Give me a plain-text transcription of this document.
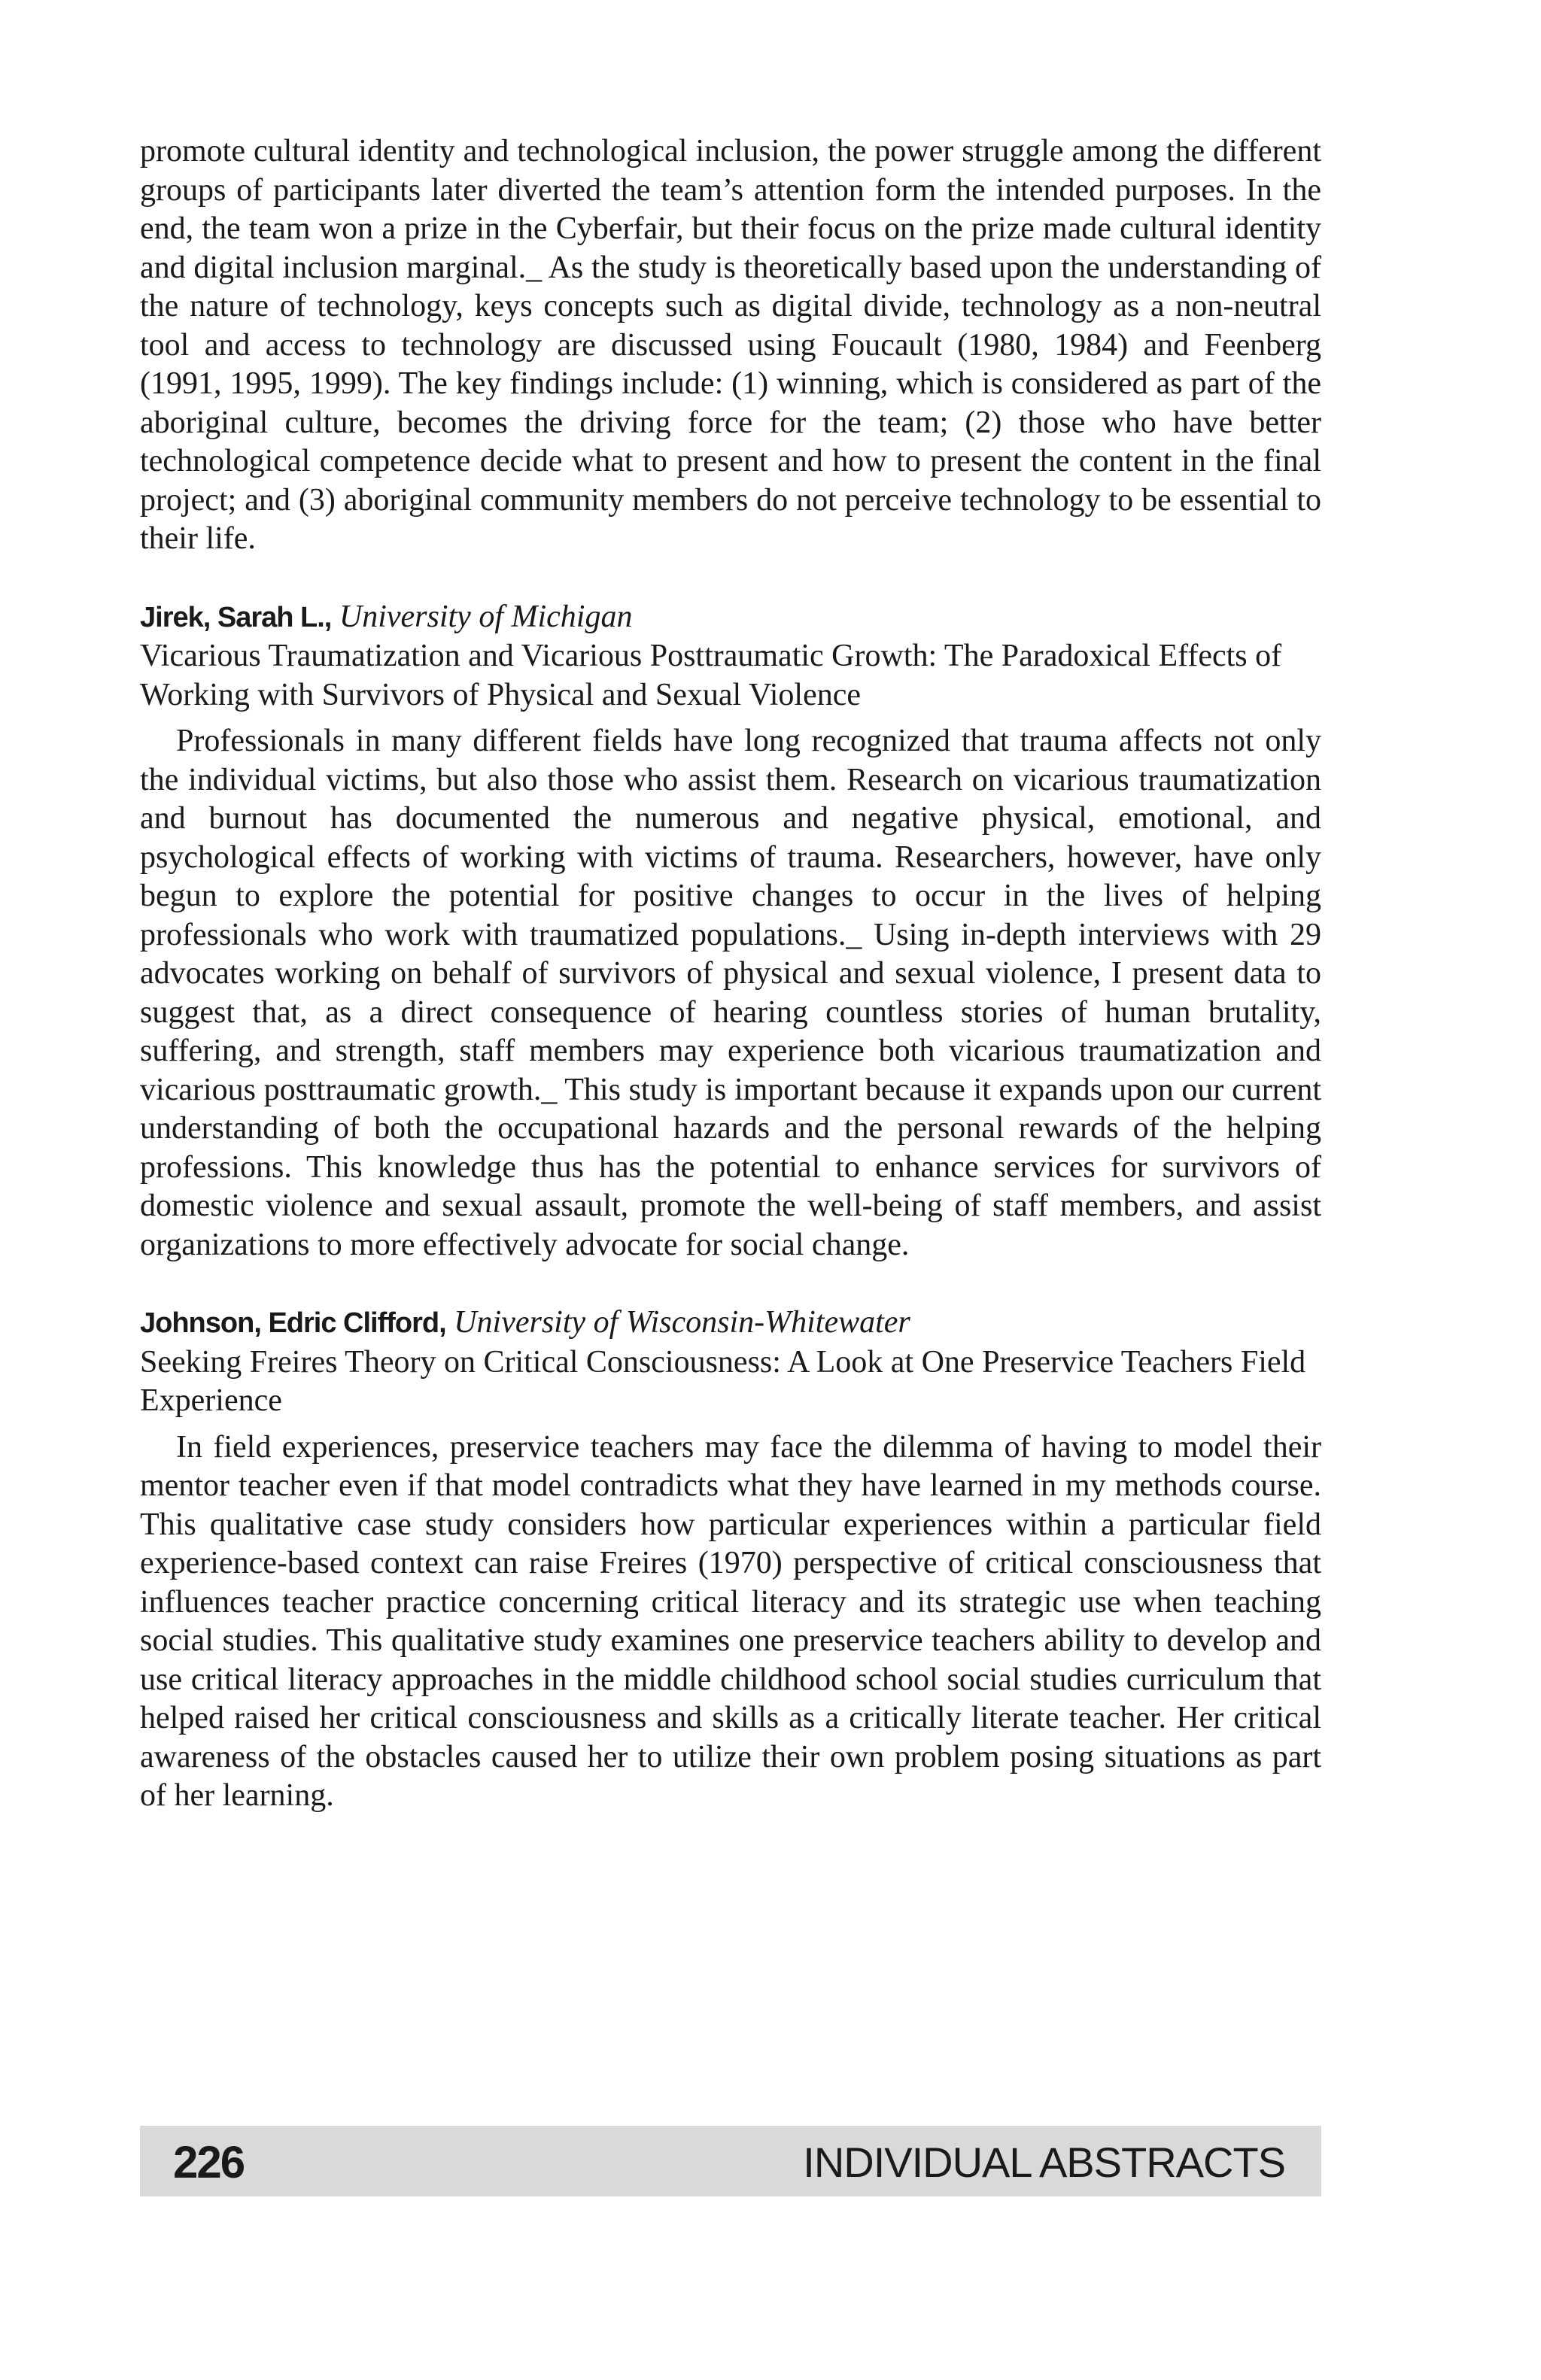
promote cultural identity and technological inclusion, the power struggle among the different groups of participants later diverted the team’s attention form the intended purposes. In the end, the team won a prize in the Cyberfair, but their focus on the prize made cultural identity and digital inclusion marginal._ As the study is theoretically based upon the understanding of the nature of technology, keys concepts such as digital divide, technology as a non-neutral tool and access to technology are discussed using Foucault (1980, 1984) and Feenberg (1991, 1995, 1999). The key findings include: (1) winning, which is considered as part of the aboriginal culture, becomes the driving force for the team; (2) those who have better technological competence decide what to present and how to present the content in the final project; and (3) aboriginal community members do not perceive technology to be essential to their life.

Jirek, Sarah L., University of Michigan

Vicarious Traumatization and Vicarious Posttraumatic Growth: The Paradoxical Effects of Working with Survivors of Physical and Sexual Violence

Professionals in many different fields have long recognized that trauma affects not only the individual victims, but also those who assist them. Research on vicarious traumatization and burnout has documented the numerous and negative physical, emotional, and psychological effects of working with victims of trauma. Researchers, however, have only begun to explore the potential for positive changes to occur in the lives of helping professionals who work with traumatized populations._ Using in-depth interviews with 29 advocates working on behalf of survivors of physical and sexual violence, I present data to suggest that, as a direct consequence of hearing countless stories of human brutality, suffering, and strength, staff members may experience both vicarious traumatization and vicarious posttraumatic growth._ This study is important because it expands upon our current understanding of both the occupational hazards and the personal rewards of the helping professions. This knowledge thus has the potential to enhance services for survivors of domestic violence and sexual assault, promote the well-being of staff members, and assist organizations to more effectively advocate for social change.

Johnson, Edric Clifford, University of Wisconsin-Whitewater

Seeking Freires Theory on Critical Consciousness: A Look at One Preservice Teachers Field Experience

In field experiences, preservice teachers may face the dilemma of having to model their mentor teacher even if that model contradicts what they have learned in my methods course. This qualitative case study considers how particular experiences within a particular field experience-based context can raise Freires (1970) perspective of critical consciousness that influences teacher practice concerning critical literacy and its strategic use when teaching social studies. This qualitative study examines one preservice teachers ability to develop and use critical literacy approaches in the middle childhood school social studies curriculum that helped raised her critical consciousness and skills as a critically literate teacher. Her critical awareness of the obstacles caused her to utilize their own problem posing situations as part of her learning.

226	INDIVIDUAL ABSTRACTS
